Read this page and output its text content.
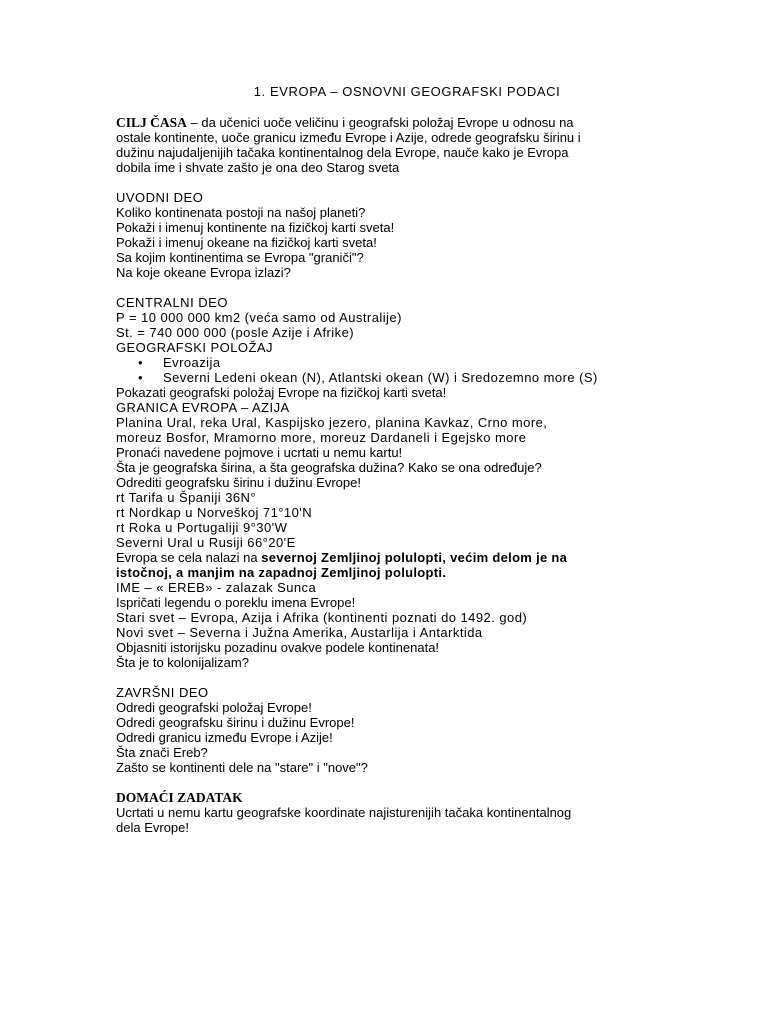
1. EVROPA – OSNOVNI GEOGRAFSKI PODACI
CILJ ČASA – da učenici uoče veličinu i geografski položaj Evrope u odnosu na
ostale kontinente, uoče granicu između Evrope i Azije, odrede geografsku širinu i
dužinu najudaljenijih tačaka kontinentalnog dela Evrope, nauče kako je Evropa
dobila ime i shvate zašto je ona deo Starog sveta
UVODNI DEO
Koliko kontinenata postoji na našoj planeti?
Pokaži i imenuj kontinente na fizičkoj karti sveta!
Pokaži i imenuj okeane na fizičkoj karti sveta!
Sa kojim kontinentima se Evropa "graniči"?
Na koje okeane Evropa izlazi?
CENTRALNI DEO
P = 10 000 000 km2 (veća samo od Australije)
St. = 740 000 000 (posle Azije i Afrike)
GEOGRAFSKI POLOŽAJ
• Evroazija
• Severni Ledeni okean (N), Atlantski okean (W) i Sredozemno more (S)
Pokazati geografski položaj Evrope na fizičkoj karti sveta!
GRANICA EVROPA – AZIJA
Planina Ural, reka Ural, Kaspijsko jezero, planina Kavkaz, Crno more,
moreuz Bosfor, Mramorno more, moreuz Dardaneli i Egejsko more
Pronaći navedene pojmove i ucrtati u nemu kartu!
Šta je geografska širina, a šta geografska dužina? Kako se ona određuje?
Odrediti geografsku širinu i dužinu Evrope!
rt Tarifa u Španiji 36N°
rt Nordkap u Norveškoj 71°10'N
rt Roka u Portugaliji 9°30'W
Severni Ural u Rusiji 66°20'E
Evropa se cela nalazi na severnoj Zemljinoj polulopti, većim delom je na
istočnoj, a manjim na zapadnoj Zemljinoj polulopti.
IME – « EREB» - zalazak Sunca
Ispričati legendu o poreklu imena Evrope!
Stari svet – Evropa, Azija i Afrika (kontinenti poznati do 1492. god)
Novi svet – Severna i Južna Amerika, Austarlija i Antarktida
Objasniti istorijsku pozadinu ovakve podele kontinenata!
Šta je to kolonijalizam?
ZAVRŠNI DEO
Odredi geografski položaj Evrope!
Odredi geografsku širinu i dužinu Evrope!
Odredi granicu između Evrope i Azije!
Šta znači Ereb?
Zašto se kontinenti dele na "stare" i "nove"?
DOMAĆI ZADATAK
Ucrtati u nemu kartu geografske koordinate najisturenijih tačaka kontinentalnog
dela Evrope!
